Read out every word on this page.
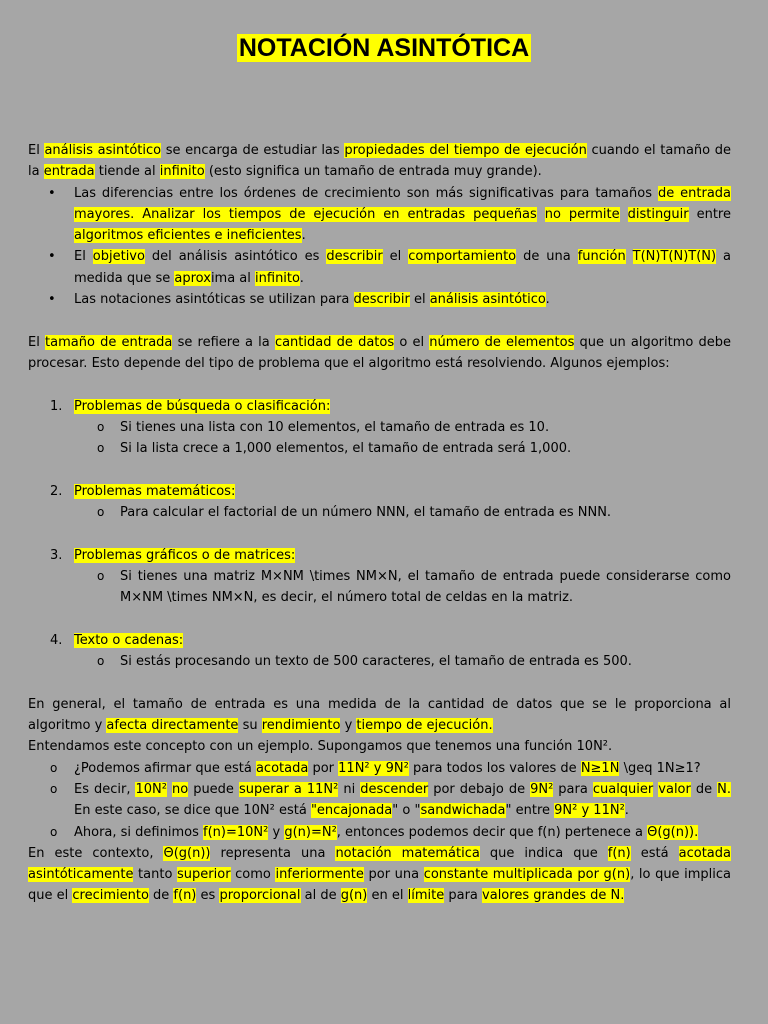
NOTACIÓN ASINTÓTICA

El análisis asintótico se encarga de estudiar las propiedades del tiempo de ejecución cuando el tamaño de la entrada tiende al infinito (esto significa un tamaño de entrada muy grande).

• Las diferencias entre los órdenes de crecimiento son más significativas para tamaños de entrada mayores. Analizar los tiempos de ejecución en entradas pequeñas no permite distinguir entre algoritmos eficientes e ineficientes.
• El objetivo del análisis asintótico es describir el comportamiento de una función T(N)T(N)T(N) a medida que se aproxima al infinito.
• Las notaciones asintóticas se utilizan para describir el análisis asintótico.

El tamaño de entrada se refiere a la cantidad de datos o el número de elementos que un algoritmo debe procesar. Esto depende del tipo de problema que el algoritmo está resolviendo. Algunos ejemplos:

1. Problemas de búsqueda o clasificación:
o Si tienes una lista con 10 elementos, el tamaño de entrada es 10.
o Si la lista crece a 1,000 elementos, el tamaño de entrada será 1,000.
2. Problemas matemáticos:
o Para calcular el factorial de un número NNN, el tamaño de entrada es NNN.
3. Problemas gráficos o de matrices:
o Si tienes una matriz M×NM \times NM×N, el tamaño de entrada puede considerarse como M×NM \times NM×N, es decir, el número total de celdas en la matriz.
4. Texto o cadenas:
o Si estás procesando un texto de 500 caracteres, el tamaño de entrada es 500.

En general, el tamaño de entrada es una medida de la cantidad de datos que se le proporciona al algoritmo y afecta directamente su rendimiento y tiempo de ejecución.

Entendamos este concepto con un ejemplo. Supongamos que tenemos una función 10N².

o ¿Podemos afirmar que está acotada por 11N² y 9N² para todos los valores de N≥1N \geq 1N≥1?
o Es decir, 10N² no puede superar a 11N² ni descender por debajo de 9N² para cualquier valor de N. En este caso, se dice que 10N² está "encajonada" o "sandwichada" entre 9N² y 11N².
o Ahora, si definimos f(n)=10N² y g(n)=N², entonces podemos decir que f(n) pertenece a Θ(g(n)).

En este contexto, Θ(g(n)) representa una notación matemática que indica que f(n) está acotada asintóticamente tanto superior como inferiormente por una constante multiplicada por g(n), lo que implica que el crecimiento de f(n) es proporcional al de g(n) en el límite para valores grandes de N.
